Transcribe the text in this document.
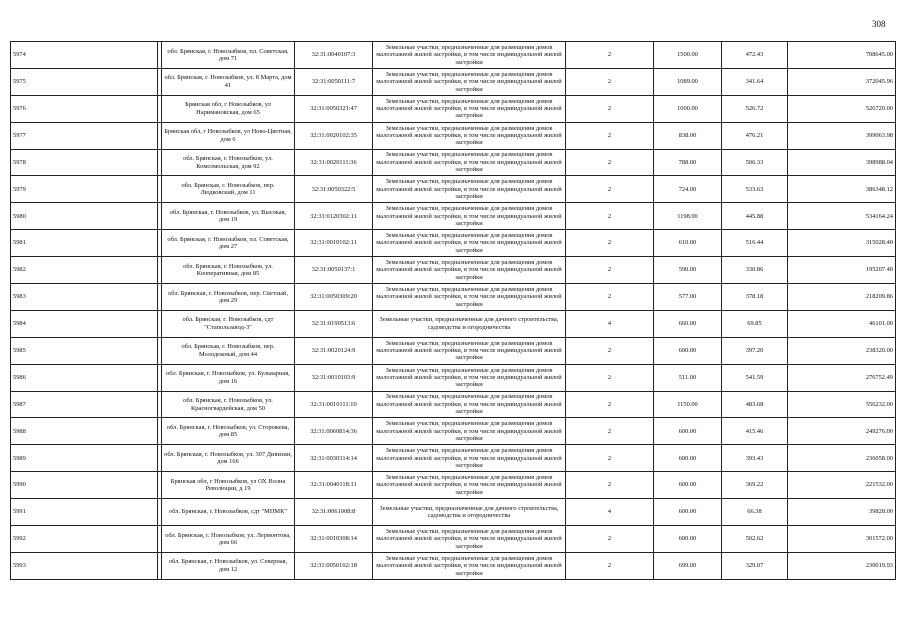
308
5974		обл. Брянская, г. Новозыбков, пл. Советская, дом 71	32:31:0040107:3	Земельные участки, предназначенные для размещения домов малоэтажной жилой застройки, в том числе индивидуальной жилой застройки	2	1500.00	472.43	708645.00
5975		обл. Брянская, г. Новозыбков, ул. 8 Марта, дом 41	32:31:0050111:7	Земельные участки, предназначенные для размещения домов малоэтажной жилой застройки, в том числе индивидуальной жилой застройки	2	1089.00	341.64	372045.96
5976		Брянская обл, г Новозыбков, ул Наримановская, дом 65	32:31:0050321:47	Земельные участки, предназначенные для размещения домов малоэтажной жилой застройки, в том числе индивидуальной жилой застройки	2	1000.00	526.72	526720.00
5977		Брянская обл, г Новозыбков, ул Ново-Цветная, дом 6	32:31:0020102:35	Земельные участки, предназначенные для размещения домов малоэтажной жилой застройки, в том числе индивидуальной жилой застройки	2	838.00	476.21	399063.98
5978		обл. Брянская, г. Новозыбков, ул. Комсомольская, дом 92	32:31:0020111:36	Земельные участки, предназначенные для размещения домов малоэтажной жилой застройки, в том числе индивидуальной жилой застройки	2	788.00	506.33	398988.04
5979		обл. Брянская, г. Новозыбков, пер. Людковский, дом 11	32:31:0050322:5	Земельные участки, предназначенные для размещения домов малоэтажной жилой застройки, в том числе индивидуальной жилой застройки	2	724.00	533.63	386348.12
5980		обл. Брянская, г. Новозыбков, ул. Высокая, дом 19	32:31:0120302:11	Земельные участки, предназначенные для размещения домов малоэтажной жилой застройки, в том числе индивидуальной жилой застройки	2	1198.00	445.88	534164.24
5981		обл. Брянская, г. Новозыбков, пл. Советская, дом 27	32:31:0010102:11	Земельные участки, предназначенные для размещения домов малоэтажной жилой застройки, в том числе индивидуальной жилой застройки	2	610.00	516.44	315028.40
5982		обл. Брянская, г. Новозыбков, ул. Кооперативная, дом 85	32:31:0050137:1	Земельные участки, предназначенные для размещения домов малоэтажной жилой застройки, в том числе индивидуальной жилой застройки	2	590.00	330.86	195207.40
5983		обл. Брянская, г. Новозыбков, пер. Светлый, дом 29	32:31:0050309:20	Земельные участки, предназначенные для размещения домов малоэтажной жилой застройки, в том числе индивидуальной жилой застройки	2	577.00	378.18	218209.86
5984		обл. Брянская, г. Новозыбков, сдт "Стапользавод-3"	32:31:0190513:6	Земельные участки, предназначенные для дачного строительства, садоводства и огородничества	4	660.00	69.85	46101.00
5985		обл. Брянская, г. Новозыбков, пер. Молодежный, дом 44	32:31:0020124:9	Земельные участки, предназначенные для размещения домов малоэтажной жилой застройки, в том числе индивидуальной жилой застройки	2	600.00	397.20	238320.00
5986		обл. Брянская, г. Новозыбков, ул. Бульварная, дом 16	32:31:0010103:9	Земельные участки, предназначенные для размещения домов малоэтажной жилой застройки, в том числе индивидуальной жилой застройки	2	511.00	541.59	276752.49
5987		обл. Брянская, г. Новозыбков, ул. Красногвардейская, дом 50	32:31:0010111:10	Земельные участки, предназначенные для размещения домов малоэтажной жилой застройки, в том числе индивидуальной жилой застройки	2	1150.00	483.68	556232.00
5988		обл. Брянская, г. Новозыбков, ул. Сторожева, дом 85	32:31:0060814:36	Земельные участки, предназначенные для размещения домов малоэтажной жилой застройки, в том числе индивидуальной жилой застройки	2	600.00	415.46	249276.00
5989		обл. Брянская, г. Новозыбков, ул. 307 Дивизии, дом 166	32:31:0030314:14	Земельные участки, предназначенные для размещения домов малоэтажной жилой застройки, в том числе индивидуальной жилой застройки	2	600.00	393.43	236058.00
5990		Брянская обл, г Новозыбков, ул ОХ Волна Революции, д 19	32:31:0040118:11	Земельные участки, предназначенные для размещения домов малоэтажной жилой застройки, в том числе индивидуальной жилой застройки	2	600.00	369.22	221532.00
5991		обл. Брянская, г. Новозыбков, сдт "МПМК"	32:31:0061008:8	Земельные участки, предназначенные для дачного строительства, садоводства и огородничества	4	600.00	66.38	39828.00
5992		обл. Брянская, г. Новозыбков, ул. Лермонтова, дом 66	32:31:0010308:14	Земельные участки, предназначенные для размещения домов малоэтажной жилой застройки, в том числе индивидуальной жилой застройки	2	600.00	502.62	301572.00
5993		обл. Брянская, г. Новозыбков, ул. Северная, дом 12	32:31:0050102:18	Земельные участки, предназначенные для размещения домов малоэтажной жилой застройки, в том числе индивидуальной жилой застройки	2	699.00	329.07	230019.93
